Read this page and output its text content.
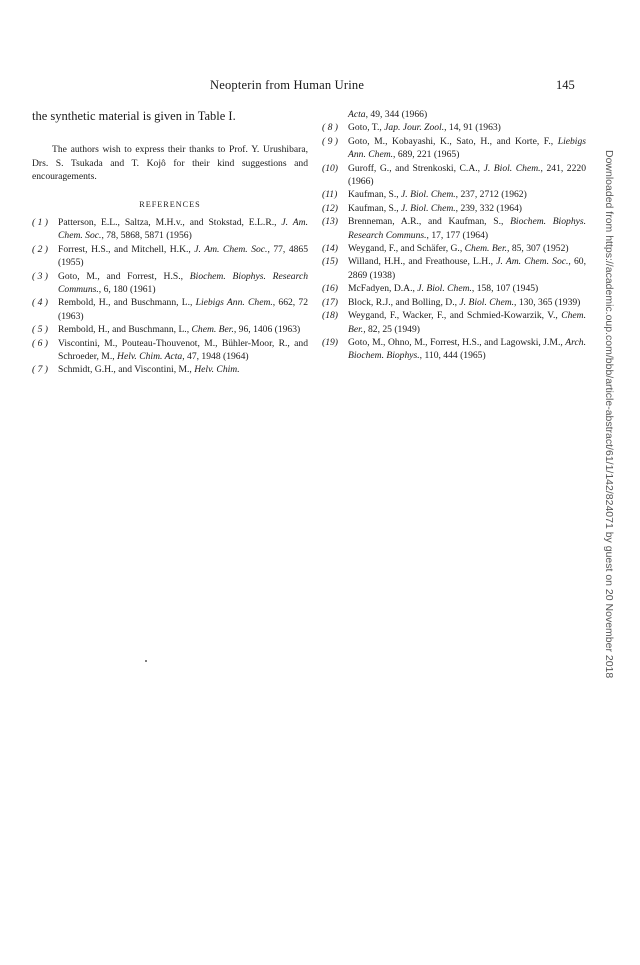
Neopterin from Human Urine	145

the synthetic material is given in Table I.

The authors wish to express their thanks to Prof. Y. Urushibara, Drs. S. Tsukada and T. Kojô for their kind suggestions and encouragements.

REFERENCES

( 1 ) Patterson, E.L., Saltza, M.H.v., and Stokstad, E.L.R., J. Am. Chem. Soc., 78, 5868, 5871 (1956)

( 2 ) Forrest, H.S., and Mitchell, H.K., J. Am. Chem. Soc., 77, 4865 (1955)

( 3 ) Goto, M., and Forrest, H.S., Biochem. Biophys. Research Communs., 6, 180 (1961)

( 4 ) Rembold, H., and Buschmann, L., Liebigs Ann. Chem., 662, 72 (1963)

( 5 ) Rembold, H., and Buschmann, L., Chem. Ber., 96, 1406 (1963)

( 6 ) Viscontini, M., Pouteau-Thouvenot, M., Bühler-Moor, R., and Schroeder, M., Helv. Chim. Acta, 47, 1948 (1964)

( 7 ) Schmidt, G.H., and Viscontini, M., Helv. Chim.

Acta, 49, 344 (1966)

( 8 ) Goto, T., Jap. Jour. Zool., 14, 91 (1963)

( 9 ) Goto, M., Kobayashi, K., Sato, H., and Korte, F., Liebigs Ann. Chem., 689, 221 (1965)

(10) Guroff, G., and Strenkoski, C.A., J. Biol. Chem., 241, 2220 (1966)

(11) Kaufman, S., J. Biol. Chem., 237, 2712 (1962)

(12) Kaufman, S., J. Biol. Chem., 239, 332 (1964)

(13) Brenneman, A.R., and Kaufman, S., Biochem. Biophys. Research Communs., 17, 177 (1964)

(14) Weygand, F., and Schäfer, G., Chem. Ber., 85, 307 (1952)

(15) Willand, H.H., and Freathouse, L.H., J. Am. Chem. Soc., 60, 2869 (1938)

(16) McFadyen, D.A., J. Biol. Chem., 158, 107 (1945)

(17) Block, R.J., and Bolling, D., J. Biol. Chem., 130, 365 (1939)

(18) Weygand, F., Wacker, F., and Schmied-Kowarzik, V., Chem. Ber., 82, 25 (1949)

(19) Goto, M., Ohno, M., Forrest, H.S., and Lagowski, J.M., Arch. Biochem. Biophys., 110, 444 (1965)	Downloaded from https://academic.oup.com/bbb/article-abstract/61/1/142/824071 by guest on 20 November 2018
